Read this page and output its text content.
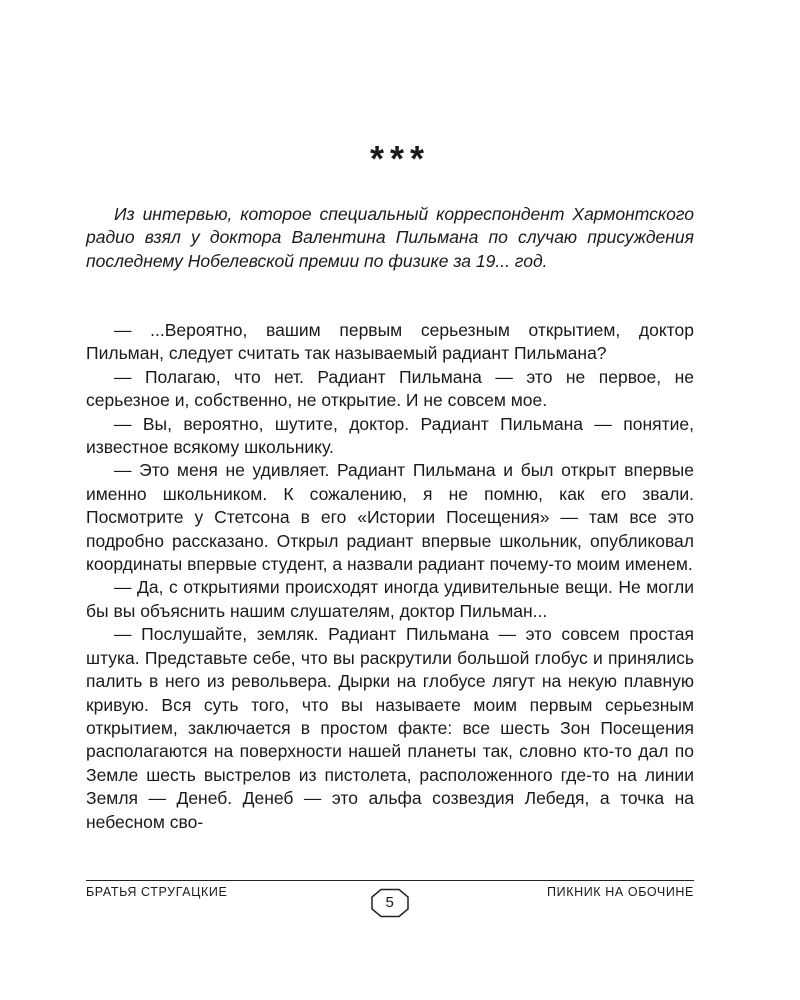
***

Из интервью, которое специальный корреспондент Хармонтского радио взял у доктора Валентина Пильмана по случаю присуждения последнему Нобелевской премии по физике за 19... год.

— ...Вероятно, вашим первым серьезным открытием, доктор Пильман, следует считать так называемый радиант Пильмана?

— Полагаю, что нет. Радиант Пильмана — это не первое, не серьезное и, собственно, не открытие. И не совсем мое.

— Вы, вероятно, шутите, доктор. Радиант Пильмана — понятие, известное всякому школьнику.

— Это меня не удивляет. Радиант Пильмана и был открыт впервые именно школьником. К сожалению, я не помню, как его звали. Посмотрите у Стетсона в его «Истории Посещения» — там все это подробно рассказано. Открыл радиант впервые школьник, опубликовал координаты впервые студент, а назвали радиант почему-то моим именем.

— Да, с открытиями происходят иногда удивительные вещи. Не могли бы вы объяснить нашим слушателям, доктор Пильман...

— Послушайте, земляк. Радиант Пильмана — это совсем простая штука. Представьте себе, что вы раскрутили большой глобус и принялись палить в него из револьвера. Дырки на глобусе лягут на некую плавную кривую. Вся суть того, что вы называете моим первым серьезным открытием, заключается в простом факте: все шесть Зон Посещения располагаются на поверхности нашей планеты так, словно кто-то дал по Земле шесть выстрелов из пистолета, расположенного где-то на линии Земля — Денеб. Денеб — это альфа созвездия Лебедя, а точка на небесном сво-

БРАТЬЯ СТРУГАЦКИЕ
5
ПИКНИК НА ОБОЧИНЕ
